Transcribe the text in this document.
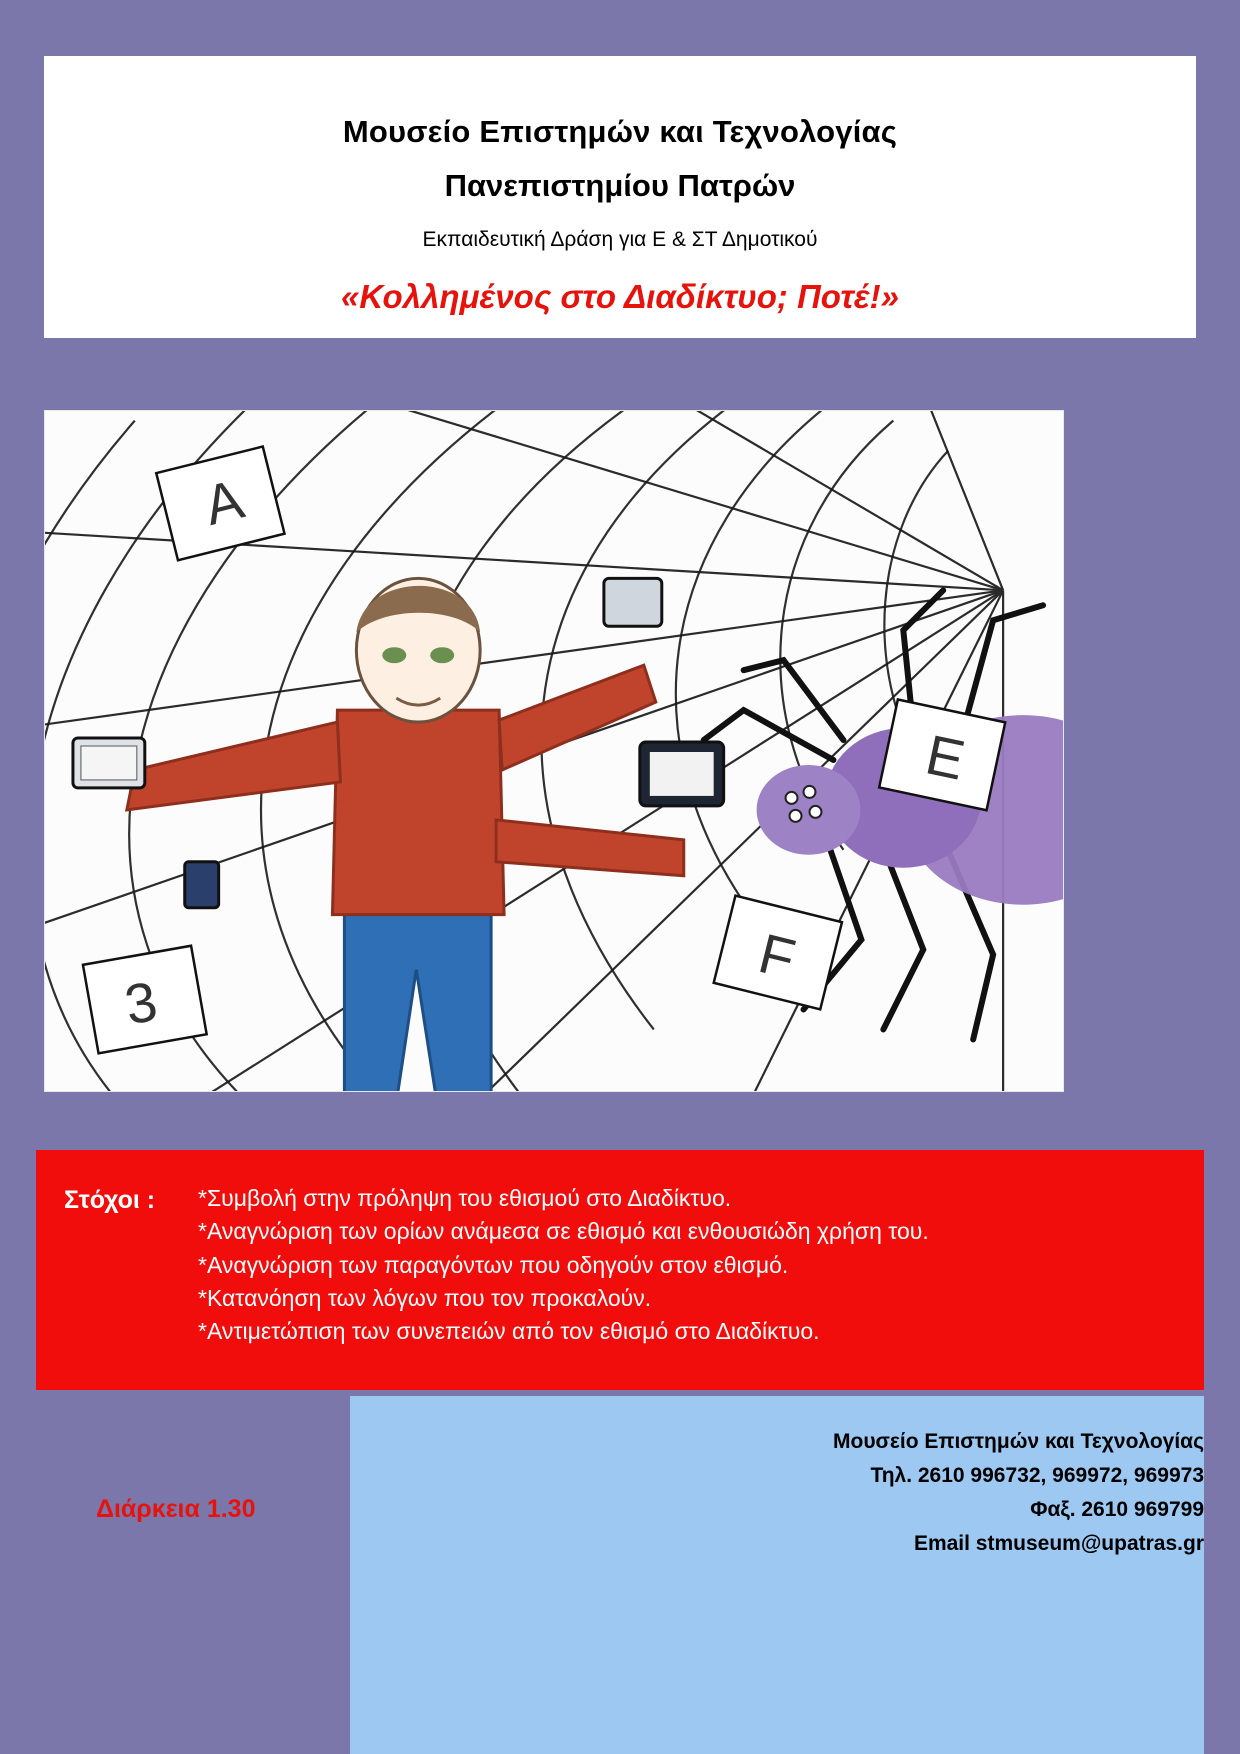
Μουσείο Επιστημών και Τεχνολογίας
Πανεπιστημίου Πατρών
Εκπαιδευτική Δράση για Ε & ΣΤ Δημοτικού
«Κολλημένος στο Διαδίκτυο; Ποτέ!»
A
E
3
F
Στόχοι : *Συμβολή στην πρόληψη του εθισμού στο Διαδίκτυο.
*Αναγνώριση των ορίων ανάμεσα σε εθισμό και ενθουσιώδη χρήση του.
*Αναγνώριση των παραγόντων που οδηγούν στον εθισμό.
*Κατανόηση των λόγων που τον προκαλούν.
*Αντιμετώπιση των συνεπειών από τον εθισμό στο Διαδίκτυο.
Διάρκεια 1.30
Μουσείο Επιστημών και Τεχνολογίας
Τηλ. 2610 996732, 969972, 969973
Φαξ. 2610 969799
Email stmuseum@upatras.gr
